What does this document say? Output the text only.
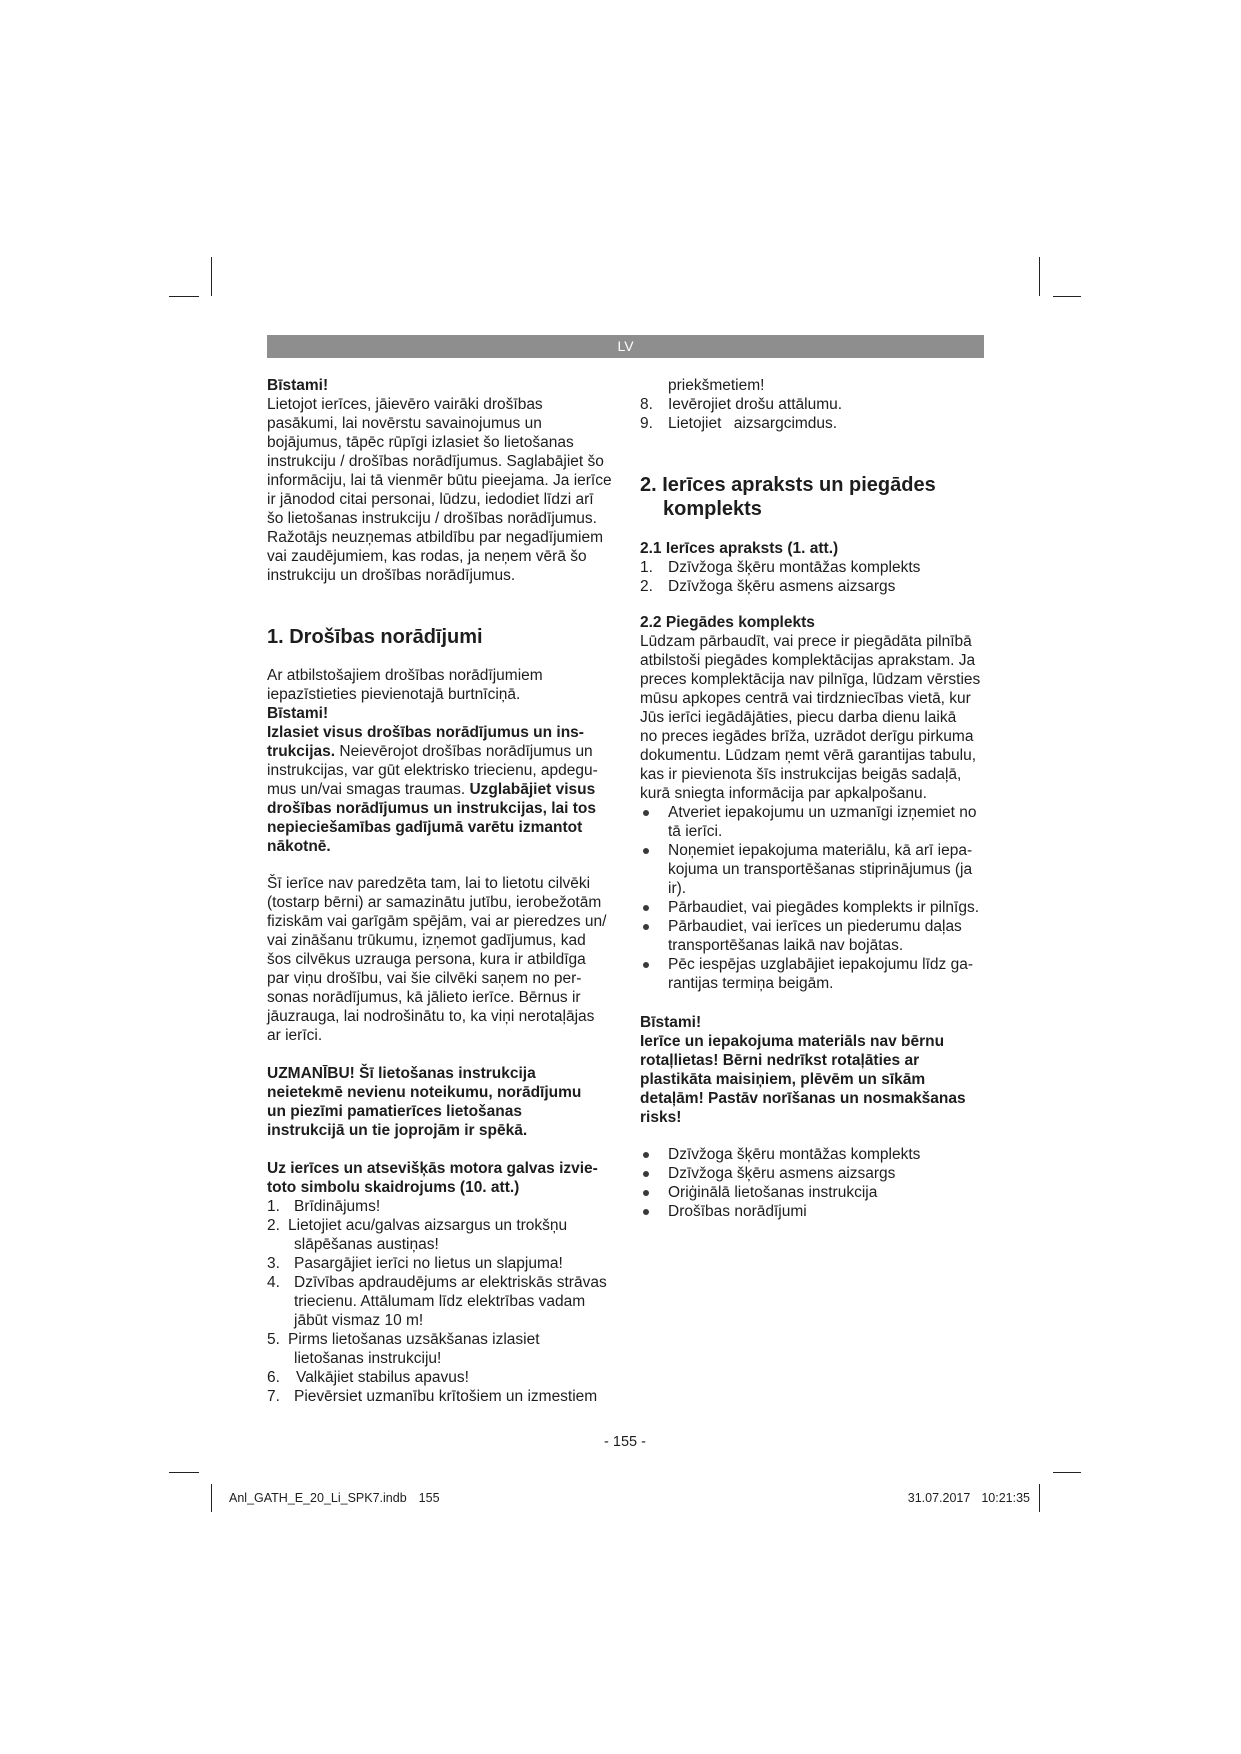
LV
Bīstami!
Lietojot ierīces, jāievēro vairāki drošības
pasākumi, lai novērstu savainojumus un
bojājumus, tāpēc rūpīgi izlasiet šo lietošanas
instrukciju / drošības norādījumus. Saglabājiet šo
informāciju, lai tā vienmēr būtu pieejama. Ja ierīce
ir jānodod citai personai, lūdzu, iedodiet līdzi arī
šo lietošanas instrukciju / drošības norādījumus.
Ražotājs neuzņemas atbildību par negadījumiem
vai zaudējumiem, kas rodas, ja neņem vērā šo
instrukciju un drošības norādījumus.
1. Drošības norādījumi
Ar atbilstošajiem drošības norādījumiem
iepazīstieties pievienotajā burtnīciņā.
Bīstami!
Izlasiet visus drošības norādījumus un ins-
trukcijas. Neievērojot drošības norādījumus un
instrukcijas, var gūt elektrisko triecienu, apdegu-
mus un/vai smagas traumas. Uzglabājiet visus
drošības norādījumus un instrukcijas, lai tos
nepieciešamības gadījumā varētu izmantot
nākotnē.
Šī ierīce nav paredzēta tam, lai to lietotu cilvēki
(tostarp bērni) ar samazinātu jutību, ierobežotām
fiziskām vai garīgām spējām, vai ar pieredzes un/
vai zināšanu trūkumu, izņemot gadījumus, kad
šos cilvēkus uzrauga persona, kura ir atbildīga
par viņu drošību, vai šie cilvēki saņem no per-
sonas norādījumus, kā jālieto ierīce. Bērnus ir
jāuzrauga, lai nodrošinātu to, ka viņi nerotaļājas
ar ierīci.
UZMANĪBU! Šī lietošanas instrukcija
neietekmē nevienu noteikumu, norādījumu
un piezīmi pamatierīces lietošanas
instrukcijā un tie joprojām ir spēkā.
Uz ierīces un atsevišķās motora galvas izvie-
toto simbolu skaidrojums (10. att.)
1. Brīdinājums!
2. Lietojiet acu/galvas aizsargus un trokšņu
slāpēšanas austiņas!
3. Pasargājiet ierīci no lietus un slapjuma!
4. Dzīvības apdraudējums ar elektriskās strāvas
triecienu. Attālumam līdz elektrības vadam
jābūt vismaz 10 m!
5. Pirms lietošanas uzsākšanas izlasiet
lietošanas instrukciju!
6. Valkājiet stabilus apavus!
7. Pievērsiet uzmanību krītošiem un izmestiem
priekšmetiem!
8. Ievērojiet drošu attālumu.
9. Lietojiet aizsargcimdus.
2. Ierīces apraksts un piegādes
komplekts
2.1 Ierīces apraksts (1. att.)
1. Dzīvžoga šķēru montāžas komplekts
2. Dzīvžoga šķēru asmens aizsargs
2.2 Piegādes komplekts
Lūdzam pārbaudīt, vai prece ir piegādāta pilnībā
atbilstoši piegādes komplektācijas aprakstam. Ja
preces komplektācija nav pilnīga, lūdzam vērsties
mūsu apkopes centrā vai tirdzniecības vietā, kur
Jūs ierīci iegādājāties, piecu darba dienu laikā
no preces iegādes brīža, uzrādot derīgu pirkuma
dokumentu. Lūdzam ņemt vērā garantijas tabulu,
kas ir pievienota šīs instrukcijas beigās sadaļā,
kurā sniegta informācija par apkalpošanu.
Atveriet iepakojumu un uzmanīgi izņemiet no
tā ierīci.
Noņemiet iepakojuma materiālu, kā arī iepa-
kojuma un transportēšanas stiprinājumus (ja
ir).
Pārbaudiet, vai piegādes komplekts ir pilnīgs.
Pārbaudiet, vai ierīces un piederumu daļas
transportēšanas laikā nav bojātas.
Pēc iespējas uzglabājiet iepakojumu līdz ga-
rantijas termiņa beigām.
Bīstami!
Ierīce un iepakojuma materiāls nav bērnu
rotaļlietas! Bērni nedrīkst rotaļāties ar
plastikāta maisiņiem, plēvēm un sīkām
detaļām! Pastāv norīšanas un nosmakšanas
risks!
Dzīvžoga šķēru montāžas komplekts
Dzīvžoga šķēru asmens aizsargs
Oriģinālā lietošanas instrukcija
Drošības norādījumi
- 155 -
Anl_GATH_E_20_Li_SPK7.indb 155	31.07.2017 10:21:35
